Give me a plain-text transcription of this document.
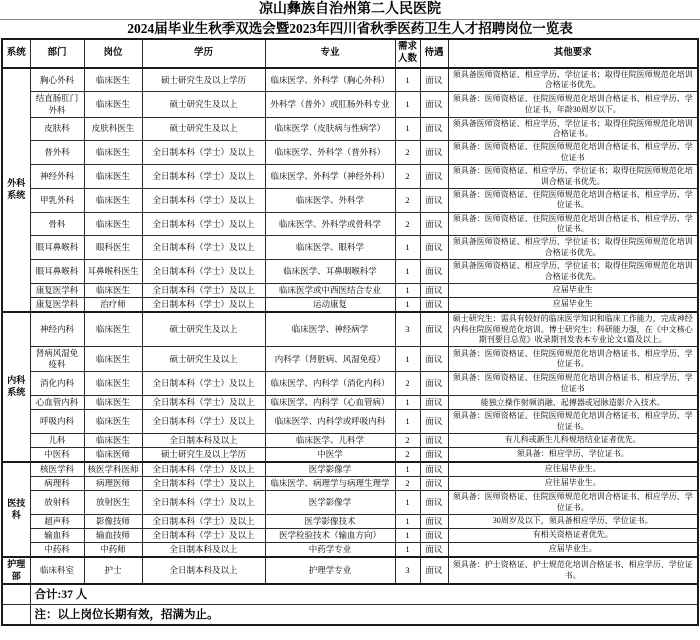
凉山彝族自治州第二人民医院
2024届毕业生秋季双选会暨2023年四川省秋季医药卫生人才招聘岗位一览表
系统	部门	岗位	学历	专业	需求人数	待遇	其他要求
外科系统	胸心外科	临床医生	硕士研究生及以上学历	临床医学、外科学（胸心外科）	1	面议	须具备医师资格证、相应学历、学位证书；取得住院医师规范化培训合格证书优先。
	结直肠肛门外科	临床医生	硕士研究生及以上	外科学（普外）或肛肠外科专业	1	面议	须具备：医师资格证、住院医师规范化培训合格证书、相应学历、学位证书，年龄30周岁以下。
	皮肤科	皮肤科医生	硕士研究生及以上	临床医学（皮肤病与性病学）	1	面议	须具备医师资格证、相应学历、学位证书；取得住院医师规范化培训合格证书。
	普外科	临床医生	全日制本科（学士）及以上	临床医学、外科学（普外科）	2	面议	须具备：医师资格证、住院医师规范化培训合格证书、相应学历、学位证书
	神经外科	临床医生	全日制本科（学士）及以上	临床医学、外科学（神经外科）	2	面议	须具备：医师资格证、相应学历、学位证书；取得住院医师规范化培训合格证书优先。
	甲乳外科	临床医生	全日制本科（学士）及以上	临床医学、外科学	2	面议	须具备：医师资格证、住院医师规范化培训合格证书、相应学历、学位证书。
	骨科	临床医生	全日制本科（学士）及以上	临床医学、外科学或骨科学	2	面议	须具备：医师资格证、住院医师规范化培训合格证书、相应学历、学位证书。
	眼耳鼻喉科	眼科医生	全日制本科（学士）及以上	临床医学、眼科学	1	面议	须具备医师资格证、相应学历、学位证书；取得住院医师规范化培训合格证书优先。
	眼耳鼻喉科	耳鼻喉科医生	全日制本科（学士）及以上	临床医学、耳鼻咽喉科学	1	面议	须具备医师资格证、相应学历、学位证书；取得住院医师规范化培训合格证书优先。
	康复医学科	临床医生	全日制本科（学士）及以上	临床医学或中西医结合专业	1	面议	应届毕业生
	康复医学科	治疗师	全日制本科（学士）及以上	运动康复	1	面议	应届毕业生
内科系统	神经内科	临床医生	硕士研究生及以上	临床医学、神经病学	3	面议	硕士研究生：需具有较好的临床医学知识和临床工作能力，完成神经内科住院医师规范化培训。博士研究生：科研能力强，在《中文核心期刊要目总览》收录期刊发表本专业论文1篇及以上。
	肾病风湿免疫科	临床医生	硕士研究生及以上	内科学（肾脏病、风湿免疫）	1	面议	须具备：医师资格证、住院医师规范化培训合格证书、相应学历、学位证书。
	消化内科	临床医生	全日制本科（学士）及以上	临床医学、内科学（消化内科）	2	面议	须具备：医师资格证、住院医师规范化培训合格证书、相应学历、学位证书
	心血管内科	临床医生	全日制本科（学士）及以上	临床医学、内科学（心血管病）	1	面议	能独立操作射频消融、起搏器或冠脉造影介入技术。
	呼吸内科	临床医生	全日制本科（学士）及以上	临床医学、内科学或呼吸内科	1	面议	须具备：医师资格证、住院医师规范化培训合格证书、相应学历、学位证书。
	儿科	临床医生	全日制本科及以上	临床医学、儿科学	2	面议	有儿科或新生儿科规培结业证者优先。
	中医科	临床医师	硕士研究生及以上学历	中医学	2	面议	须具备：相应学历、学位证书。
医技科	核医学科	核医学科医师	全日制本科（学士）及以上	医学影像学	1	面议	应往届毕业生。
	病理科	病理医师	全日制本科（学士）及以上	临床医学、病理学与病理生理学	2	面议	应往届毕业生。
	放射科	放射医生	全日制本科（学士）及以上	医学影像学	1	面议	须具备：医师资格证、住院医师规范化培训合格证书、相应学历、学位证书。
	超声科	影像技师	全日制本科（学士）及以上	医学影像技术	1	面议	30周岁及以下，须具备相应学历、学位证书。
	输血科	输血技师	全日制本科（学士）及以上	医学检验技术（输血方向）	1	面议	有相关资格证者优先。
	中药科	中药师	全日制本科及以上	中药学专业	1	面议	应届毕业生。
护理部	临床科室	护士	全日制本科及以上	护理学专业	3	面议	须具备：护士资格证、护士规范化培训合格证书、相应学历、学位证书。
	合计:37 人						
	注：以上岗位长期有效，招满为止。						
